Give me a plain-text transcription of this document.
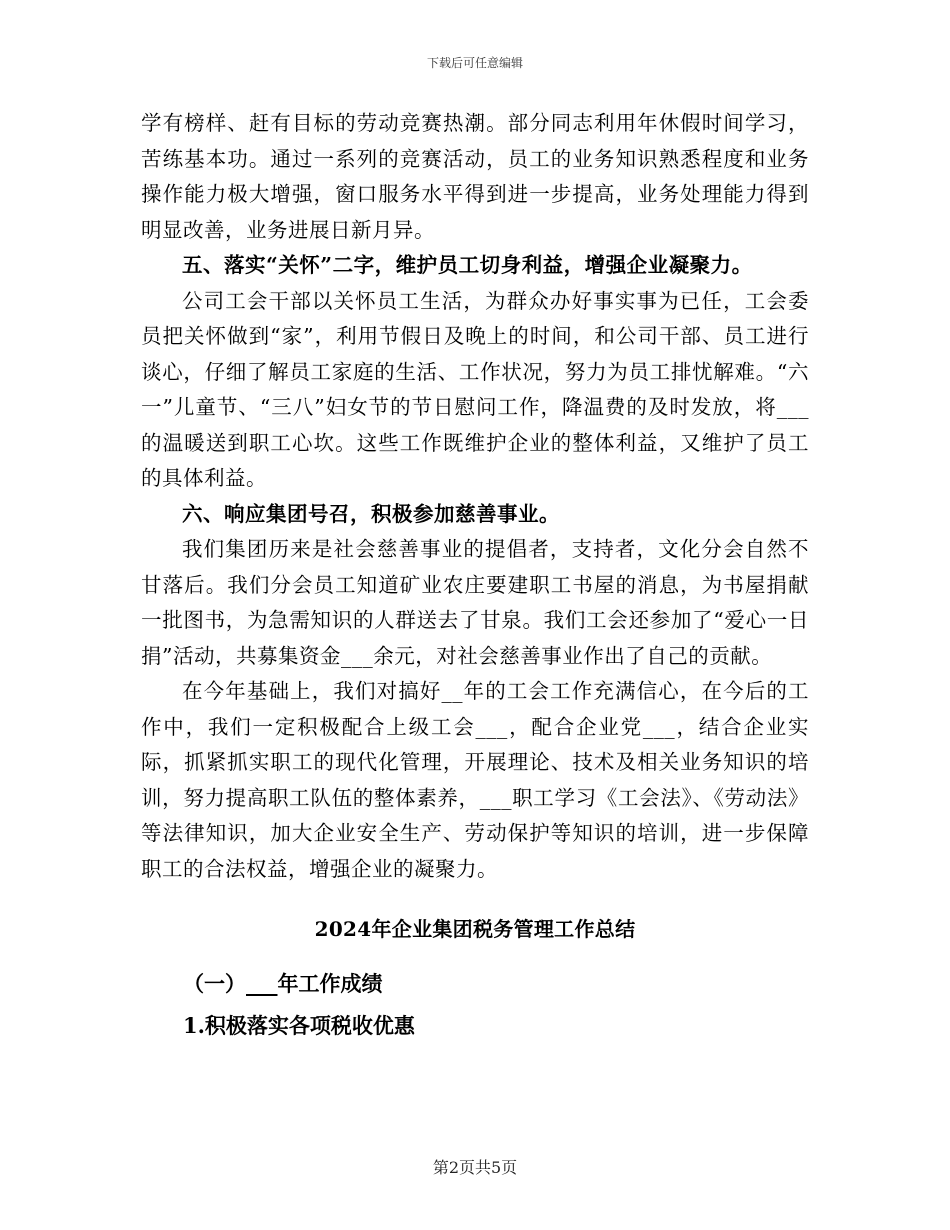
下载后可任意编辑

学有榜样、赶有目标的劳动竞赛热潮。部分同志利用年休假时间学习，苦练基本功。通过一系列的竞赛活动，员工的业务知识熟悉程度和业务操作能力极大增强，窗口服务水平得到进一步提高，业务处理能力得到明显改善，业务进展日新月异。

五、落实“关怀”二字，维护员工切身利益，增强企业凝聚力。

公司工会干部以关怀员工生活，为群众办好事实事为已任，工会委员把关怀做到“家”，利用节假日及晚上的时间，和公司干部、员工进行谈心，仔细了解员工家庭的生活、工作状况，努力为员工排忧解难。“六一”儿童节、“三八”妇女节的节日慰问工作，降温费的及时发放，将___的温暖送到职工心坎。这些工作既维护企业的整体利益，又维护了员工的具体利益。

六、响应集团号召，积极参加慈善事业。

我们集团历来是社会慈善事业的提倡者，支持者，文化分会自然不甘落后。我们分会员工知道矿业农庄要建职工书屋的消息，为书屋捐献一批图书，为急需知识的人群送去了甘泉。我们工会还参加了“爱心一日捐”活动，共募集资金___余元，对社会慈善事业作出了自己的贡献。

在今年基础上，我们对搞好__年的工会工作充满信心，在今后的工作中，我们一定积极配合上级工会___，配合企业党___，结合企业实际，抓紧抓实职工的现代化管理，开展理论、技术及相关业务知识的培训，努力提高职工队伍的整体素养，___职工学习《工会法》、《劳动法》等法律知识，加大企业安全生产、劳动保护等知识的培训，进一步保障职工的合法权益，增强企业的凝聚力。

2024年企业集团税务管理工作总结
（一）___年工作成绩
1.积极落实各项税收优惠
第2页共5页
